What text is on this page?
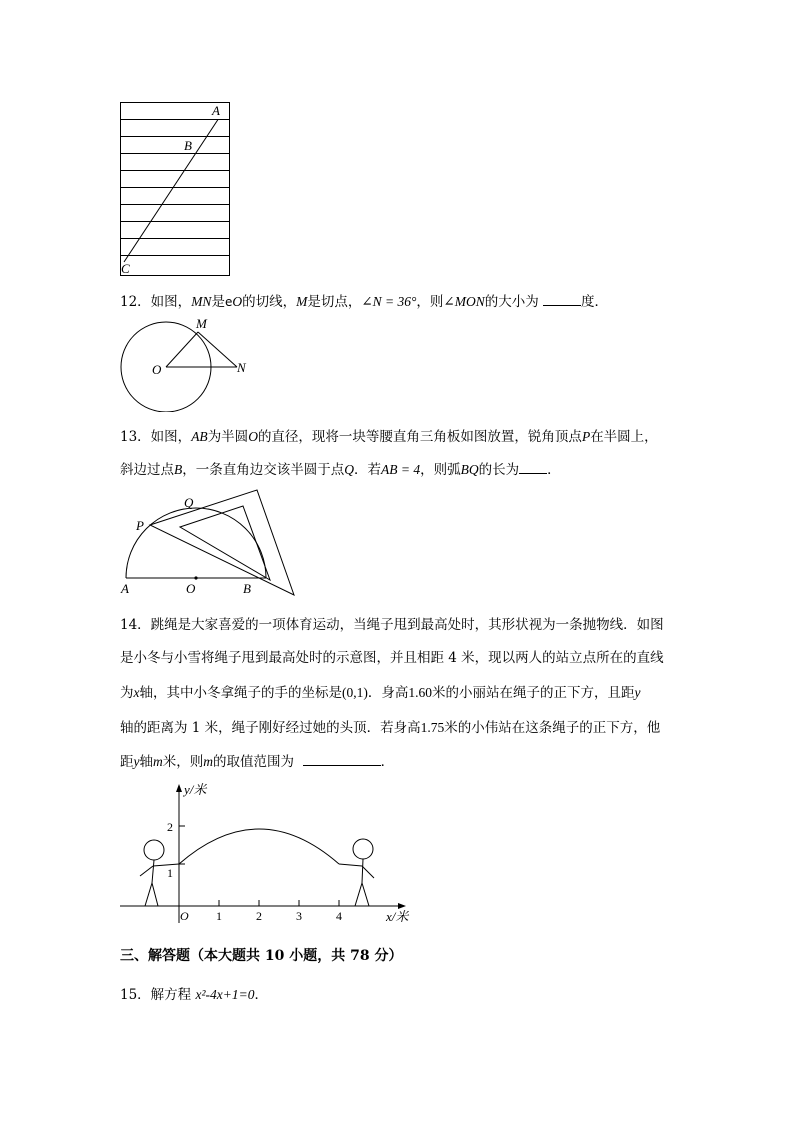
A
B
C
12．如图，MN是eO的切线，M是切点，∠N = 36°，则∠MON的大小为	度．
M
O	N
13．如图，AB为半圆O的直径，现将一块等腰直角三角板如图放置，锐角顶点P在半圆上，
斜边过点B，一条直角边交该半圆于点Q．若AB = 4，则弧BQ的长为 ．
Q
P
A	O	B
14．跳绳是大家喜爱的一项体育运动，当绳子甩到最高处时，其形状视为一条抛物线．如图
是小冬与小雪将绳子甩到最高处时的示意图，并且相距 4 米，现以两人的站立点所在的直线
为x轴，其中小冬拿绳子的手的坐标是(0,1)．身高1.60米的小丽站在绳子的正下方，且距y
轴的距离为 1 米，绳子刚好经过她的头顶．若身高1.75米的小伟站在这条绳子的正下方，他
距y轴m米，则m的取值范围为	．
y/米
2
1
O 1	2	3	4	x/米
三、解答题（本大题共 10 小题，共 78 分）
15．解方程 x²-4x+1=0．
